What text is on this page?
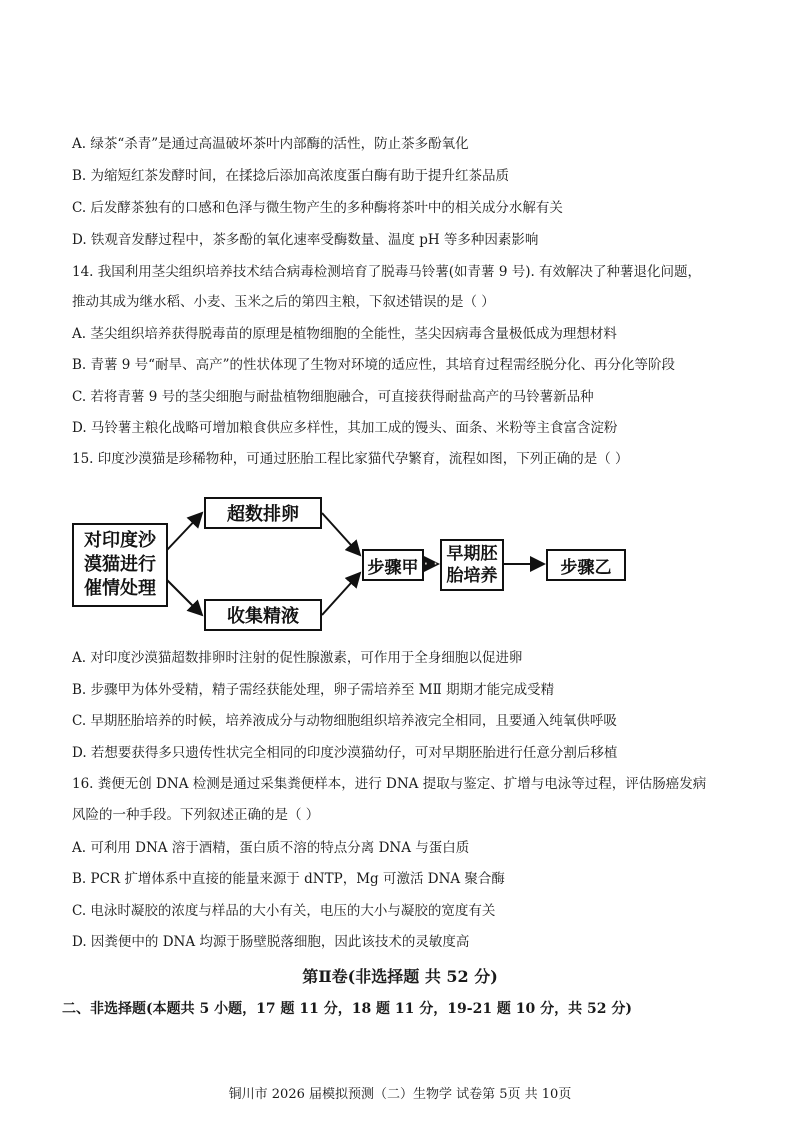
A. 绿茶“杀青”是通过高温破坏茶叶内部酶的活性，防止茶多酚氧化
B. 为缩短红茶发酵时间，在揉捻后添加高浓度蛋白酶有助于提升红茶品质
C. 后发酵茶独有的口感和色泽与微生物产生的多种酶将茶叶中的相关成分水解有关
D. 铁观音发酵过程中，茶多酚的氧化速率受酶数量、温度 pH 等多种因素影响
14. 我国利用茎尖组织培养技术结合病毒检测培育了脱毒马铃薯(如青薯 9 号). 有效解决了种薯退化问题，
推动其成为继水稻、小麦、玉米之后的第四主粮，下叙述错误的是（ ）
A. 茎尖组织培养获得脱毒苗的原理是植物细胞的全能性，茎尖因病毒含量极低成为理想材料
B. 青薯 9 号“耐旱、高产”的性状体现了生物对环境的适应性，其培育过程需经脱分化、再分化等阶段
C. 若将青薯 9 号的茎尖细胞与耐盐植物细胞融合，可直接获得耐盐高产的马铃薯新品种
D. 马铃薯主粮化战略可增加粮食供应多样性，其加工成的馒头、面条、米粉等主食富含淀粉
15. 印度沙漠猫是珍稀物种，可通过胚胎工程比家猫代孕繁育，流程如图，下列正确的是（ ）
对印度沙
漠猫进行
催情处理
超数排卵
收集精液
步骤甲
· · · 早期胚
胎培养	步骤乙
A. 对印度沙漠猫超数排卵时注射的促性腺激素，可作用于全身细胞以促进卵
B. 步骤甲为体外受精，精子需经获能处理，卵子需培养至 MⅡ 期期才能完成受精
C. 早期胚胎培养的时候，培养液成分与动物细胞组织培养液完全相同，且要通入纯氧供呼吸
D. 若想要获得多只遗传性状完全相同的印度沙漠猫幼仔，可对早期胚胎进行任意分割后移植
16. 粪便无创 DNA 检测是通过采集粪便样本，进行 DNA 提取与鉴定、扩增与电泳等过程，评估肠癌发病
风险的一种手段。下列叙述正确的是（ ）
A. 可利用 DNA 溶于酒精，蛋白质不溶的特点分离 DNA 与蛋白质
B. PCR 扩增体系中直接的能量来源于 dNTP，Mg 可激活 DNA 聚合酶
C. 电泳时凝胶的浓度与样品的大小有关，电压的大小与凝胶的宽度有关
D. 因粪便中的 DNA 均源于肠壁脱落细胞，因此该技术的灵敏度高
第Ⅱ卷(非选择题 共 52 分)
二、非选择题(本题共 5 小题，17 题 11 分，18 题 11 分，19-21 题 10 分，共 52 分)
铜川市 2026 届模拟预测（二）生物学 试卷第 5页 共 10页
